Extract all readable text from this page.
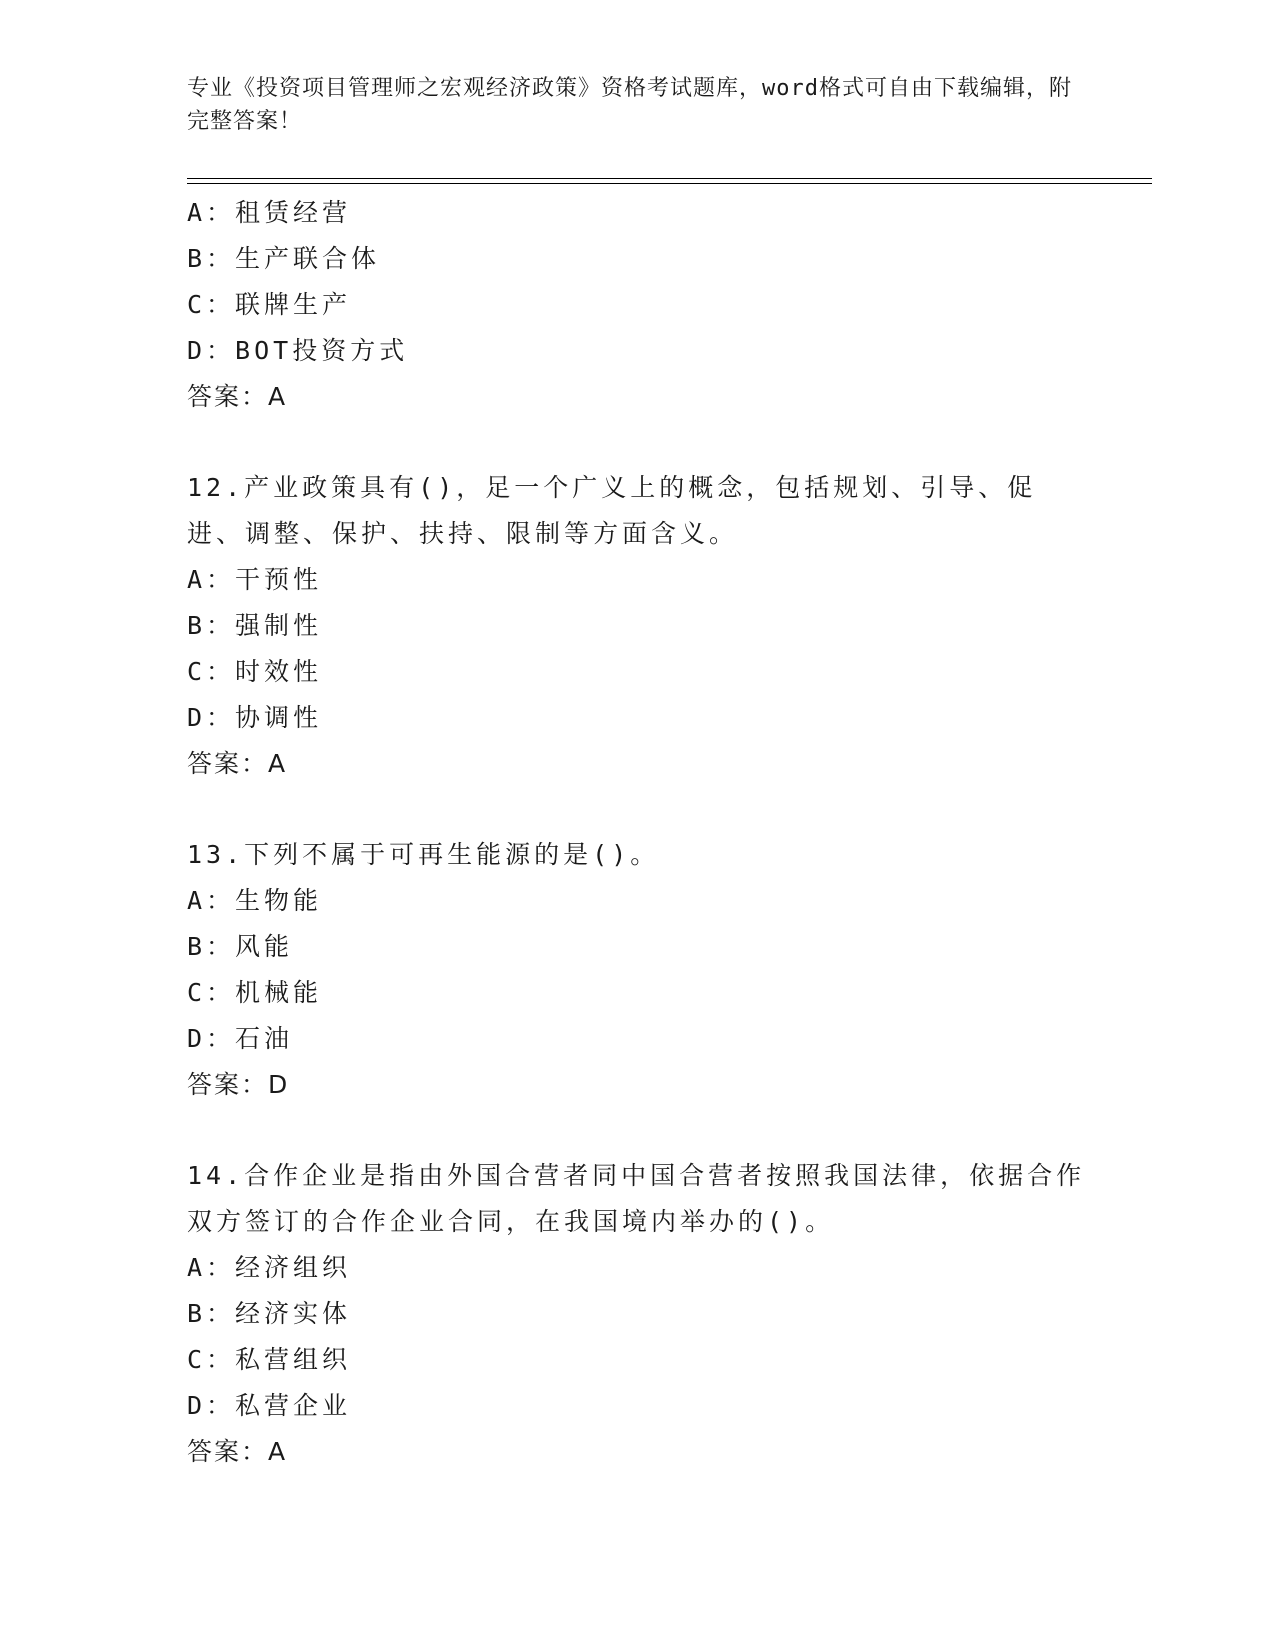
专业《投资项目管理师之宏观经济政策》资格考试题库，word格式可自由下载编辑，附完整答案！
A：租赁经营
B：生产联合体
C：联牌生产
D：BOT投资方式
答案：A
12.产业政策具有()，足一个广义上的概念，包括规划、引导、促进、调整、保护、扶持、限制等方面含义。
A：干预性
B：强制性
C：时效性
D：协调性
答案：A
13.下列不属于可再生能源的是()。
A：生物能
B：风能
C：机械能
D：石油
答案：D
14.合作企业是指由外国合营者同中国合营者按照我国法律，依据合作双方签订的合作企业合同，在我国境内举办的()。
A：经济组织
B：经济实体
C：私营组织
D：私营企业
答案：A
